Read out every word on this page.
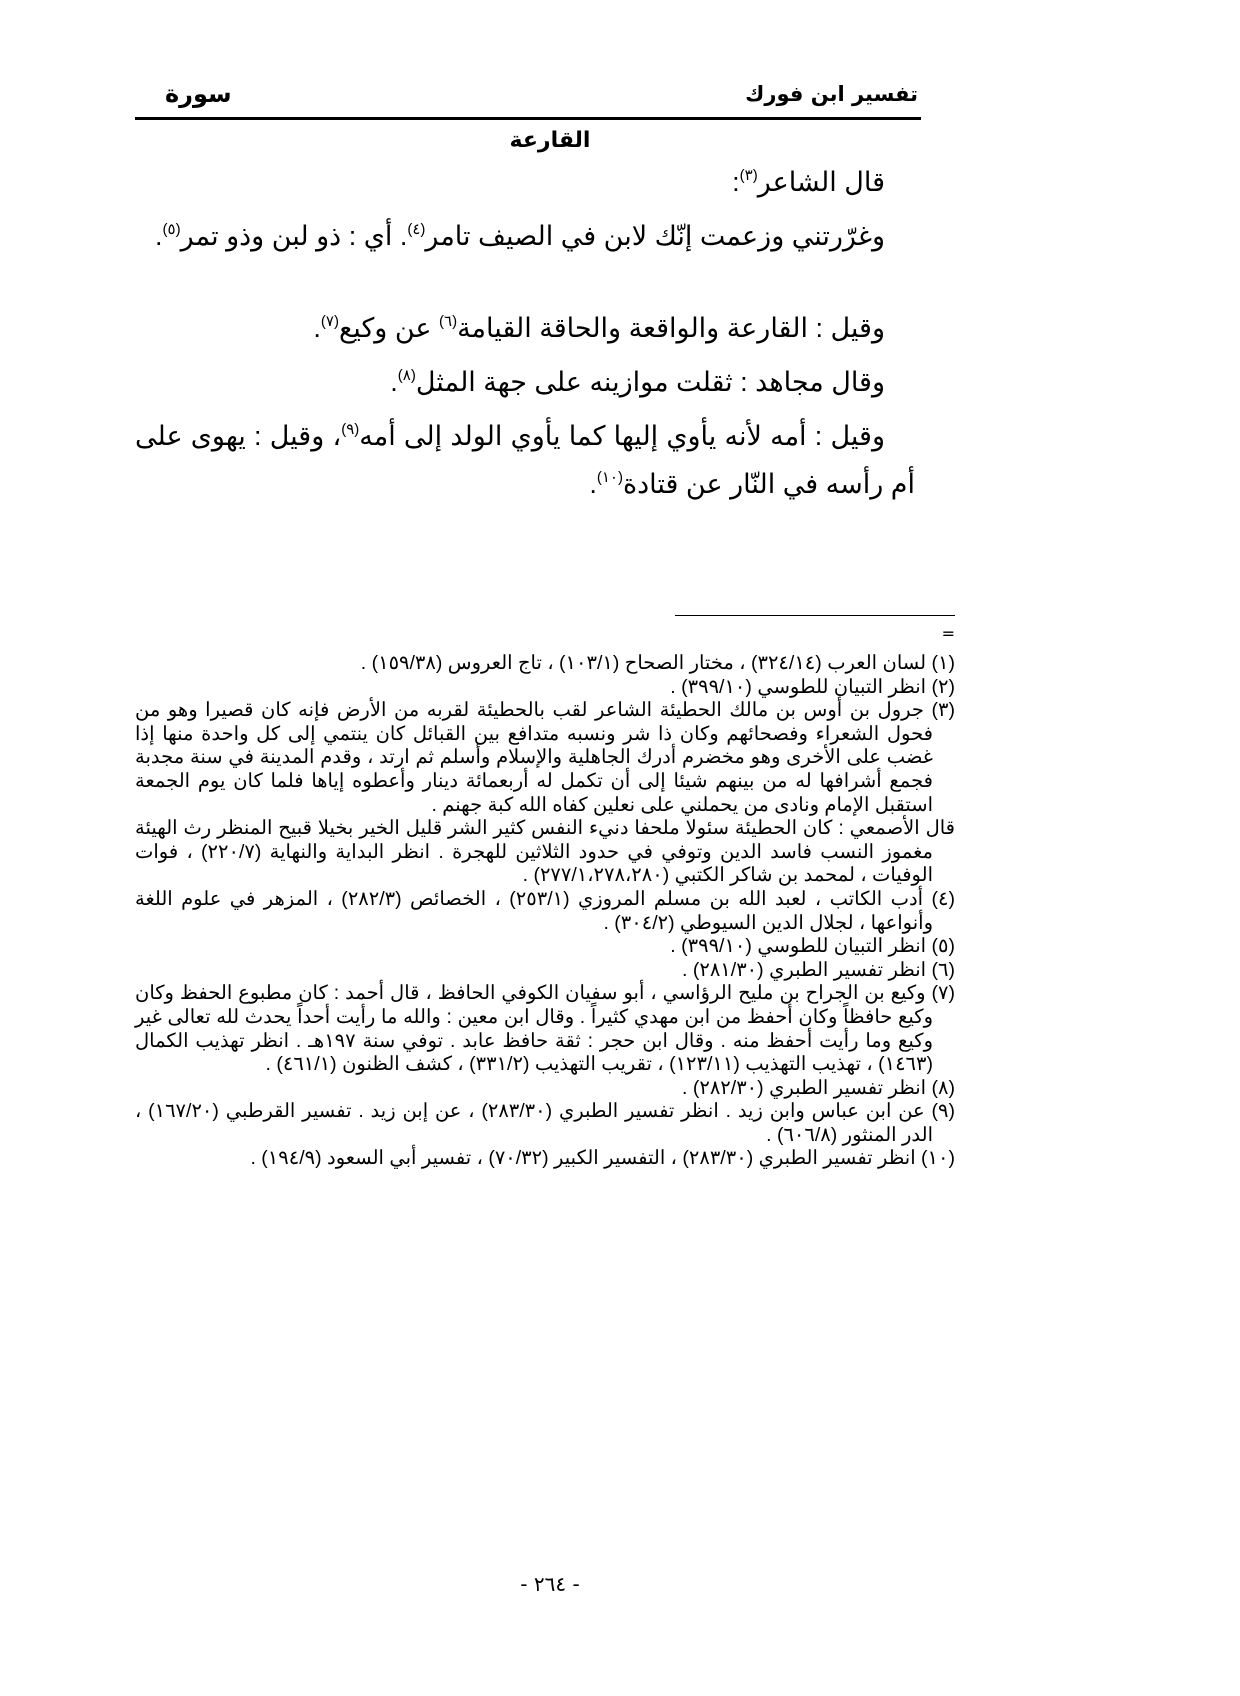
تفسير ابن فورك
سورة
القارعة

قال الشاعر$^{(٣)}$:

وغرّرتني وزعمت إنّك لابن في الصيف تامر$^{(٤)}$. أي : ذو لبن وذو تمر$^{(٥)}$.

وقيل : القارعة والواقعة والحاقة القيامة$^{(٦)}$ عن وكيع$^{(٧)}$.

وقال مجاهد : ثقلت موازينه على جهة المثل$^{(٨)}$.

وقيل : أمه لأنه يأوي إليها كما يأوي الولد إلى أمه$^{(٩)}$، وقيل : يهوى على أم رأسه في النّار عن قتادة$^{(١٠)}$.

=
(١) لسان العرب (٣٢٤/١٤) ، مختار الصحاح (١٠٣/١) ، تاج العروس (١٥٩/٣٨) .
(٢) انظر التبيان للطوسي (٣٩٩/١٠) .
(٣) جرول بن أوس بن مالك الحطيئة الشاعر لقب بالحطيئة لقربه من الأرض فإنه كان قصيرا وهو من فحول الشعراء وفصحائهم وكان ذا شر ونسبه متدافع بين القبائل كان ينتمي إلى كل واحدة منها إذا غضب على الأخرى وهو مخضرم أدرك الجاهلية والإسلام وأسلم ثم ارتد ، وقدم المدينة في سنة مجدبة فجمع أشرافها له من بينهم شيئا إلى أن تكمل له أربعمائة دينار وأعطوه إياها فلما كان يوم الجمعة استقبل الإمام ونادى من يحملني على نعلين كفاه الله كبة جهنم .
قال الأصمعي : كان الحطيئة سئولا ملحفا دنيء النفس كثير الشر قليل الخير بخيلا قبيح المنظر رث الهيئة مغموز النسب فاسد الدين وتوفي في حدود الثلاثين للهجرة . انظر البداية والنهاية (٢٢٠/٧) ، فوات الوفيات ، لمحمد بن شاكر الكتبي (٢٧٧/١،٢٧٨،٢٨٠) .
(٤) أدب الكاتب ، لعبد الله بن مسلم المروزي (٢٥٣/١) ، الخصائص (٢٨٢/٣) ، المزهر في علوم اللغة وأنواعها ، لجلال الدين السيوطي (٣٠٤/٢) .
(٥) انظر التبيان للطوسي (٣٩٩/١٠) .
(٦) انظر تفسير الطبري (٢٨١/٣٠) .
(٧) وكيع بن الجراح بن مليح الرؤاسي ، أبو سفيان الكوفي الحافظ ، قال أحمد : كان مطبوع الحفظ وكان وكيع حافظاً وكان أحفظ من ابن مهدي كثيراً . وقال ابن معين : والله ما رأيت أحداً يحدث لله تعالى غير وكيع وما رأيت أحفظ منه . وقال ابن حجر : ثقة حافظ عابد . توفي سنة ١٩٧هـ . انظر تهذيب الكمال (١٤٦٣) ، تهذيب التهذيب (١٢٣/١١) ، تقريب التهذيب (٣٣١/٢) ، كشف الظنون (٤٦١/١) .
(٨) انظر تفسير الطبري (٢٨٢/٣٠) .
(٩) عن ابن عباس وابن زيد . انظر تفسير الطبري (٢٨٣/٣٠) ، عن إبن زيد . تفسير القرطبي (١٦٧/٢٠) ، الدر المنثور (٦٠٦/٨) .
(١٠) انظر تفسير الطبري (٢٨٣/٣٠) ، التفسير الكبير (٧٠/٣٢) ، تفسير أبي السعود (١٩٤/٩) .
- ٢٦٤ -
